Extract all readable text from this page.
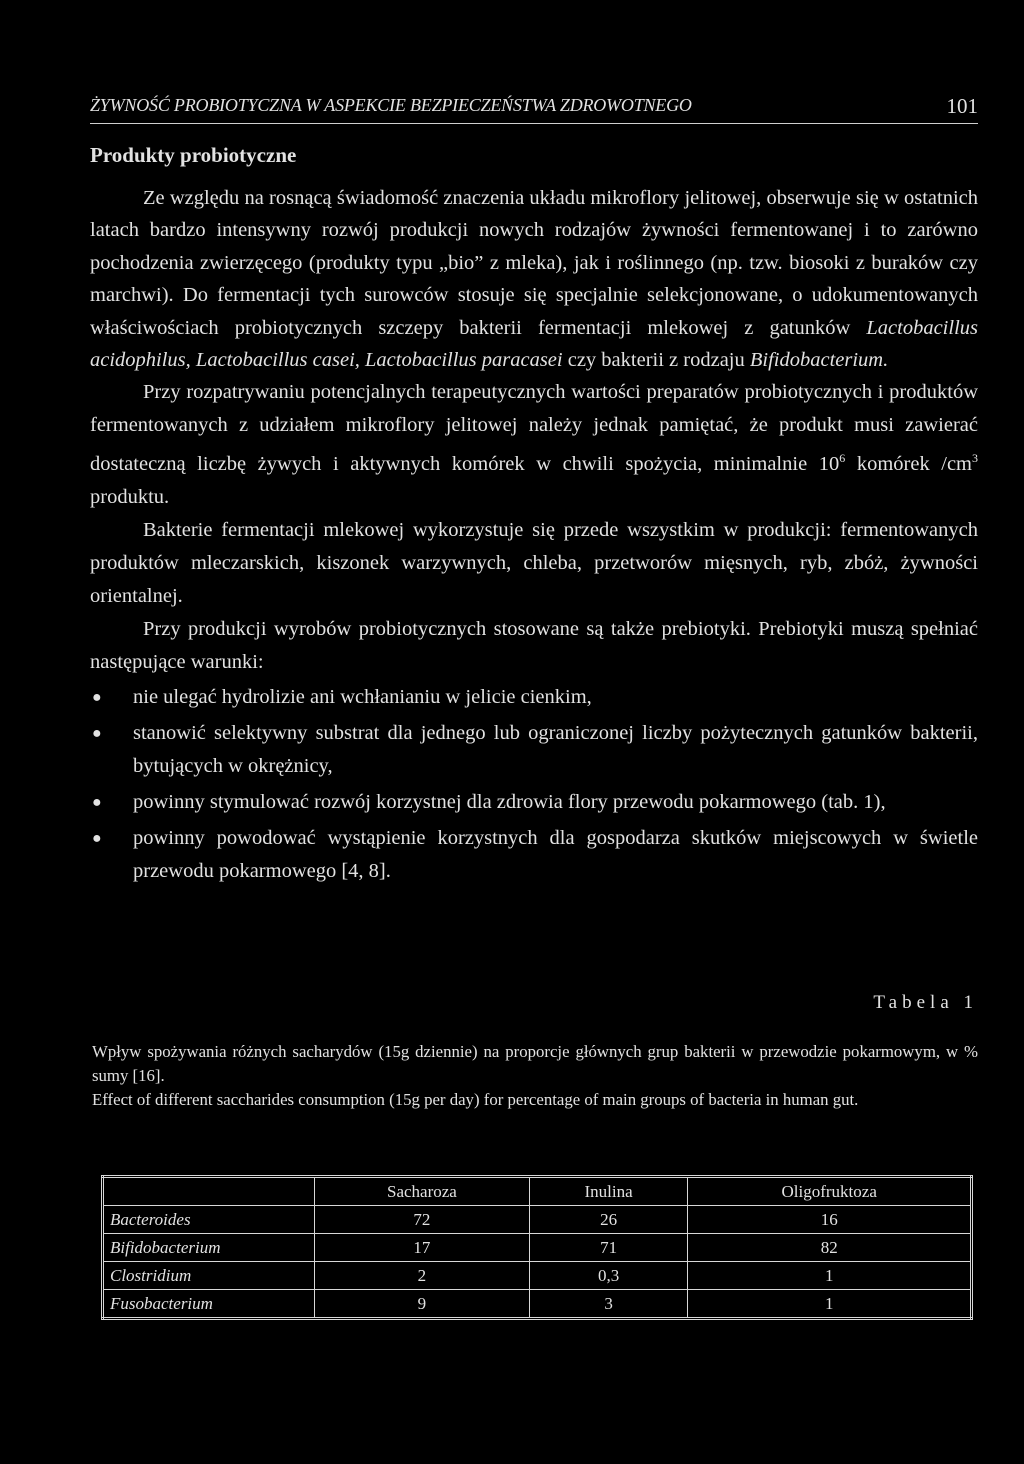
ŻYWNOŚĆ PROBIOTYCZNA W ASPEKCIE BEZPIECZEŃSTWA ZDROWOTNEGO	101
Produkty probiotyczne

Ze względu na rosnącą świadomość znaczenia układu mikroflory jelitowej, obserwuje się w ostatnich latach bardzo intensywny rozwój produkcji nowych rodzajów żywności fermentowanej i to zarówno pochodzenia zwierzęcego (produkty typu „bio” z mleka), jak i roślinnego (np. tzw. biosoki z buraków czy marchwi). Do fermentacji tych surowców stosuje się specjalnie selekcjonowane, o udokumentowanych właściwościach probiotycznych szczepy bakterii fermentacji mlekowej z gatunków Lactobacillus acidophilus, Lactobacillus casei, Lactobacillus paracasei czy bakterii z rodzaju Bifidobacterium.

Przy rozpatrywaniu potencjalnych terapeutycznych wartości preparatów probiotycznych i produktów fermentowanych z udziałem mikroflory jelitowej należy jednak pamiętać, że produkt musi zawierać dostateczną liczbę żywych i aktywnych komórek w chwili spożycia, minimalnie $10^6$ komórek $/cm^3$ produktu.

Bakterie fermentacji mlekowej wykorzystuje się przede wszystkim w produkcji: fermentowanych produktów mleczarskich, kiszonek warzywnych, chleba, przetworów mięsnych, ryb, zbóż, żywności orientalnej.

Przy produkcji wyrobów probiotycznych stosowane są także prebiotyki. Prebiotyki muszą spełniać następujące warunki:

● nie ulegać hydrolizie ani wchłanianiu w jelicie cienkim,
● stanowić selektywny substrat dla jednego lub ograniczonej liczby pożytecznych gatunków bakterii, bytujących w okrężnicy,
● powinny stymulować rozwój korzystnej dla zdrowia flory przewodu pokarmowego (tab. 1),
● powinny powodować wystąpienie korzystnych dla gospodarza skutków miejscowych w świetle przewodu pokarmowego [4, 8].
Tabela 1

Wpływ spożywania różnych sacharydów (15g dziennie) na proporcje głównych grup bakterii w przewodzie pokarmowym, w % sumy [16].

Effect of different saccharides consumption (15g per day) for percentage of main groups of bacteria in human gut.

	Sacharoza	Inulina	Oligofruktoza
Bacteroides	72	26	16
Bifidobacterium	17	71	82
Clostridium	2	0,3	1
Fusobacterium	9	3	1
